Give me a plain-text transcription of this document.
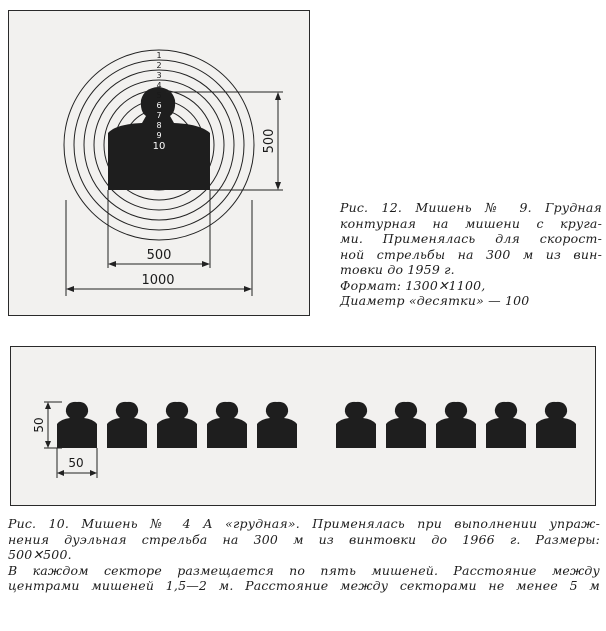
1
2
3
4
5
6
7
8
9
10	500
500
1000
Рис. 12. Мишень № 9. Грудная
контурная на мишени с круга-
ми. Применялась для скорост-
ной стрельбы на 300 м из вин-
товки до 1959 г.
Формат: 1300✕1100,
Диаметр «десятки» — 100
50
50
Рис. 10. Мишень № 4 А «грудная». Применялась при выполнении упраж-
нения дуэльная стрельба на 300 м из винтовки до 1966 г. Размеры:
500✕500.
В каждом секторе размещается по пять мишеней. Расстояние между
центрами мишеней 1,5—2 м. Расстояние между секторами не менее 5 м
